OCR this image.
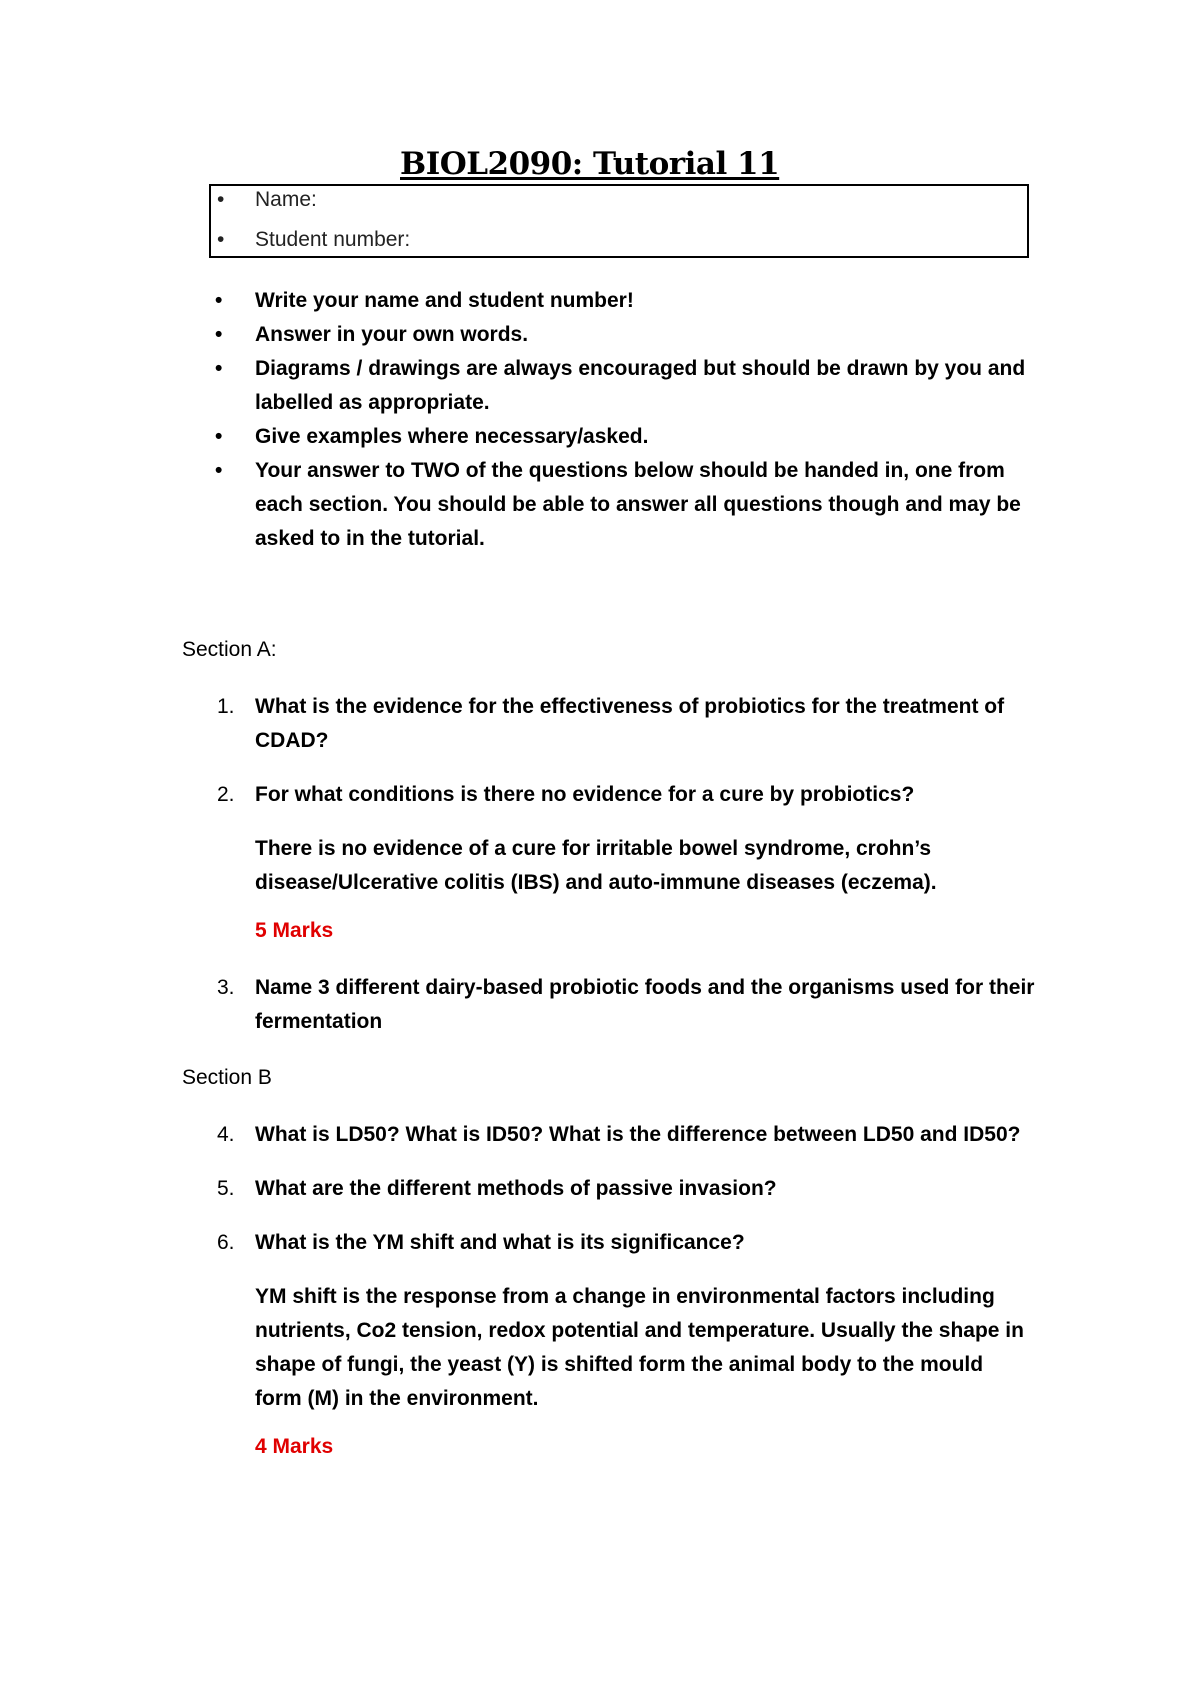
BIOL2090: Tutorial 11
• Name:
• Student number:
•	Write your name and student number!
•	Answer in your own words.
•	Diagrams / drawings are always encouraged but should be drawn by you and labelled as appropriate.
•	Give examples where necessary/asked.
•	Your answer to TWO of the questions below should be handed in, one from each section. You should be able to answer all questions though and may be asked to in the tutorial.
Section A:
1. What is the evidence for the effectiveness of probiotics for the treatment of CDAD?
2. For what conditions is there no evidence for a cure by probiotics?
There is no evidence of a cure for irritable bowel syndrome, crohn’s disease/Ulcerative colitis (IBS) and auto-immune diseases (eczema).
5 Marks
3. Name 3 different dairy-based probiotic foods and the organisms used for their fermentation
Section B
4. What is LD50? What is ID50? What is the difference between LD50 and ID50?
5. What are the different methods of passive invasion?
6. What is the YM shift and what is its significance?
YM shift is the response from a change in environmental factors including nutrients, Co2 tension, redox potential and temperature. Usually the shape in shape of fungi, the yeast (Y) is shifted form the animal body to the mould form (M) in the environment.
4 Marks
